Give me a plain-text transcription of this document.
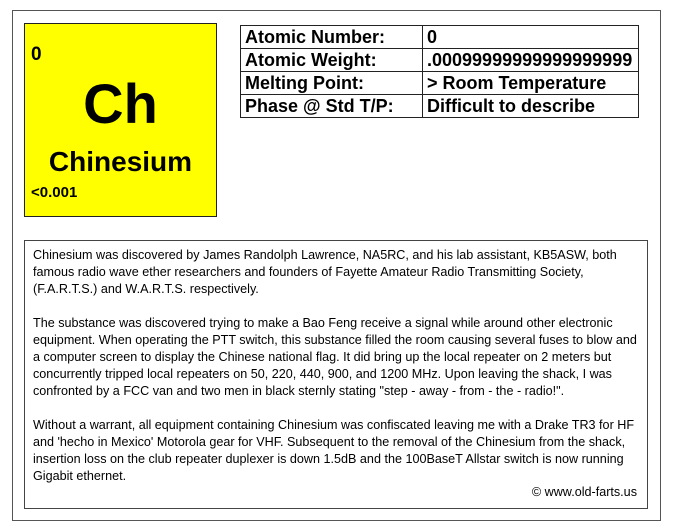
0
Ch
Chinesium
<0.001
Atomic Number:	0
Atomic Weight:	.00099999999999999999
Melting Point:	> Room Temperature
Phase @ Std T/P:	Difficult to describe

Chinesium was discovered by James Randolph Lawrence, NA5RC, and his lab assistant, KB5ASW, both famous radio wave ether researchers and founders of Fayette Amateur Radio Transmitting Society, (F.A.R.T.S.) and W.A.R.T.S. respectively.

The substance was discovered trying to make a Bao Feng receive a signal while around other electronic equipment. When operating the PTT switch, this substance filled the room causing several fuses to blow and a computer screen to display the Chinese national flag. It did bring up the local repeater on 2 meters but concurrently tripped local repeaters on 50, 220, 440, 900, and 1200 MHz. Upon leaving the shack, I was confronted by a FCC van and two men in black sternly stating "step - away - from - the - radio!".

Without a warrant, all equipment containing Chinesium was confiscated leaving me with a Drake TR3 for HF and 'hecho in Mexico' Motorola gear for VHF. Subsequent to the removal of the Chinesium from the shack, insertion loss on the club repeater duplexer is down 1.5dB and the 100BaseT Allstar switch is now running Gigabit ethernet.

© www.old-farts.us
